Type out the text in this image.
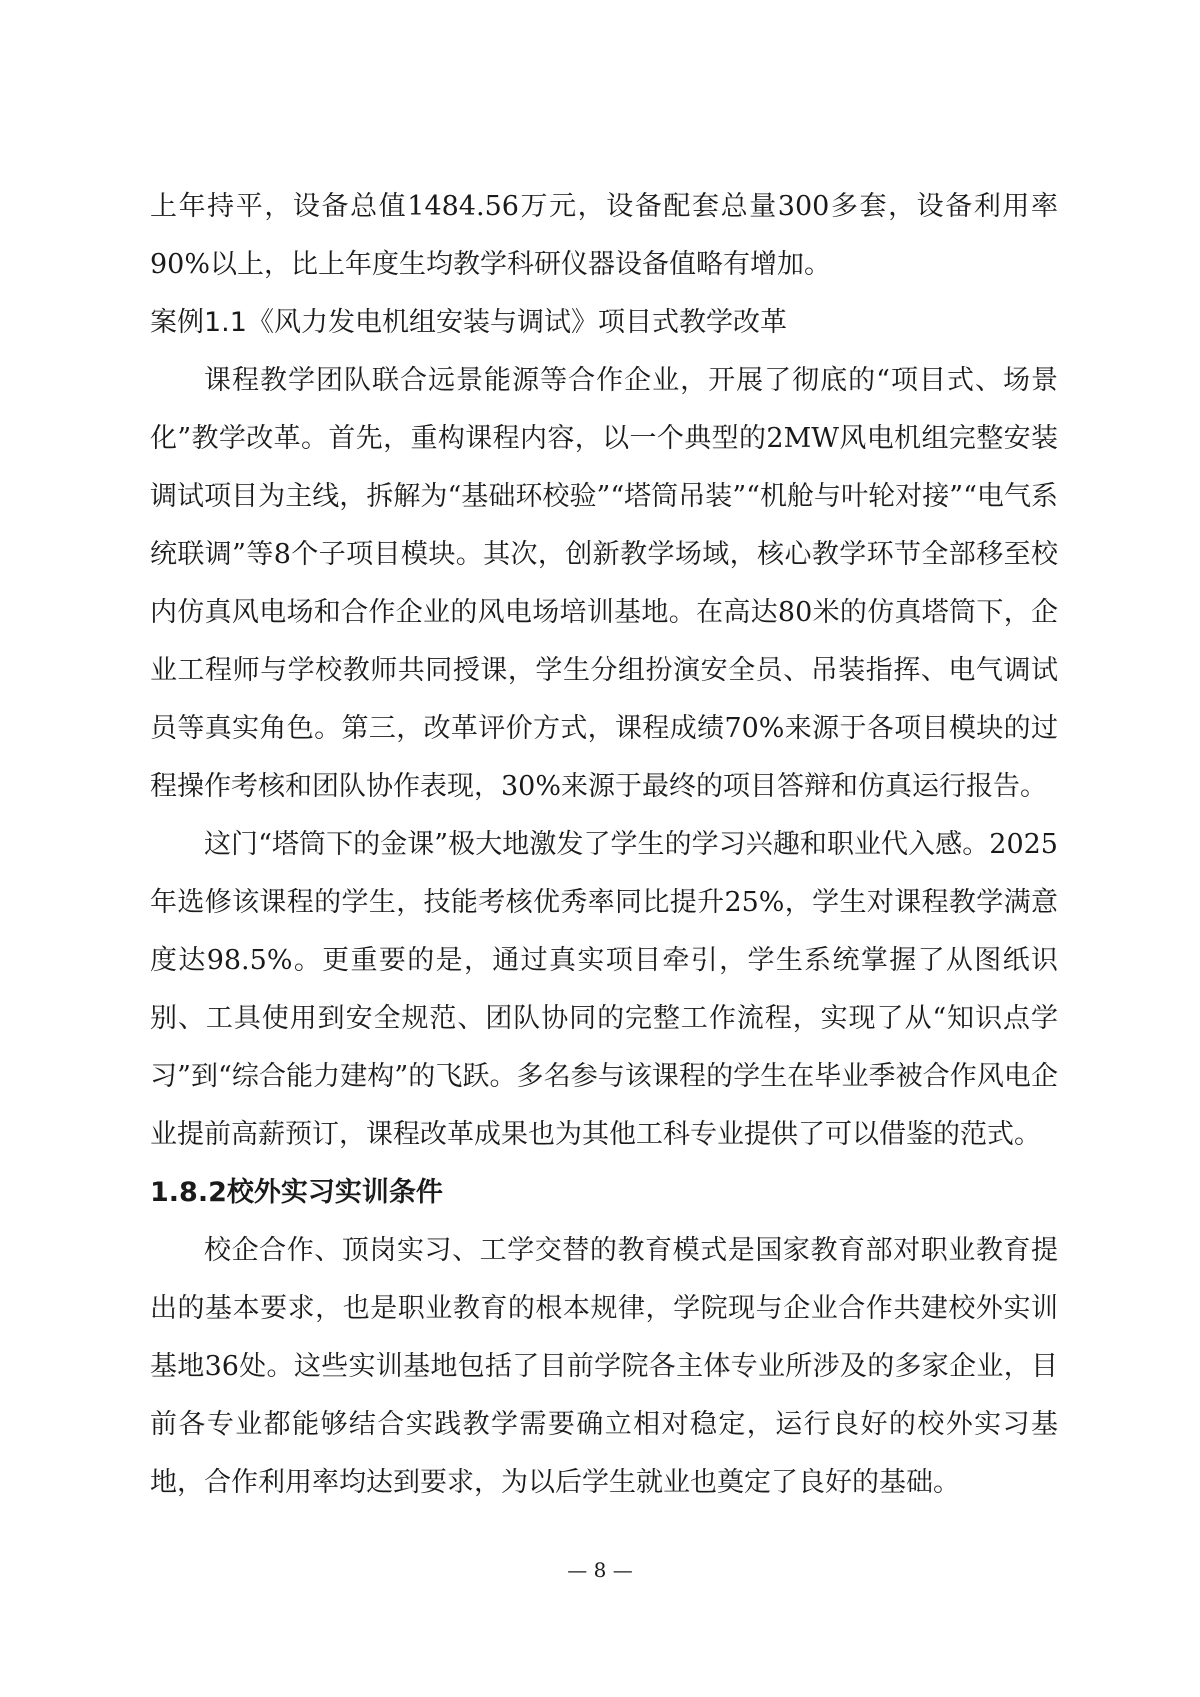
上年持平，设备总值1484.56万元，设备配套总量300多套，设备利用率90%以上，比上年度生均教学科研仪器设备值略有增加。

案例1.1《风力发电机组安装与调试》项目式教学改革

课程教学团队联合远景能源等合作企业，开展了彻底的“项目式、场景化”教学改革。首先，重构课程内容，以一个典型的2MW风电机组完整安装调试项目为主线，拆解为“基础环校验”“塔筒吊装”“机舱与叶轮对接”“电气系统联调”等8个子项目模块。其次，创新教学场域，核心教学环节全部移至校内仿真风电场和合作企业的风电场培训基地。在高达80米的仿真塔筒下，企业工程师与学校教师共同授课，学生分组扮演安全员、吊装指挥、电气调试员等真实角色。第三，改革评价方式，课程成绩70%来源于各项目模块的过程操作考核和团队协作表现，30%来源于最终的项目答辩和仿真运行报告。

这门“塔筒下的金课”极大地激发了学生的学习兴趣和职业代入感。2025年选修该课程的学生，技能考核优秀率同比提升25%，学生对课程教学满意度达98.5%。更重要的是，通过真实项目牵引，学生系统掌握了从图纸识别、工具使用到安全规范、团队协同的完整工作流程，实现了从“知识点学习”到“综合能力建构”的飞跃。多名参与该课程的学生在毕业季被合作风电企业提前高薪预订，课程改革成果也为其他工科专业提供了可以借鉴的范式。

1.8.2校外实习实训条件

校企合作、顶岗实习、工学交替的教育模式是国家教育部对职业教育提出的基本要求，也是职业教育的根本规律，学院现与企业合作共建校外实训基地36处。这些实训基地包括了目前学院各主体专业所涉及的多家企业，目前各专业都能够结合实践教学需要确立相对稳定，运行良好的校外实习基地，合作利用率均达到要求，为以后学生就业也奠定了良好的基础。

— 8 —
